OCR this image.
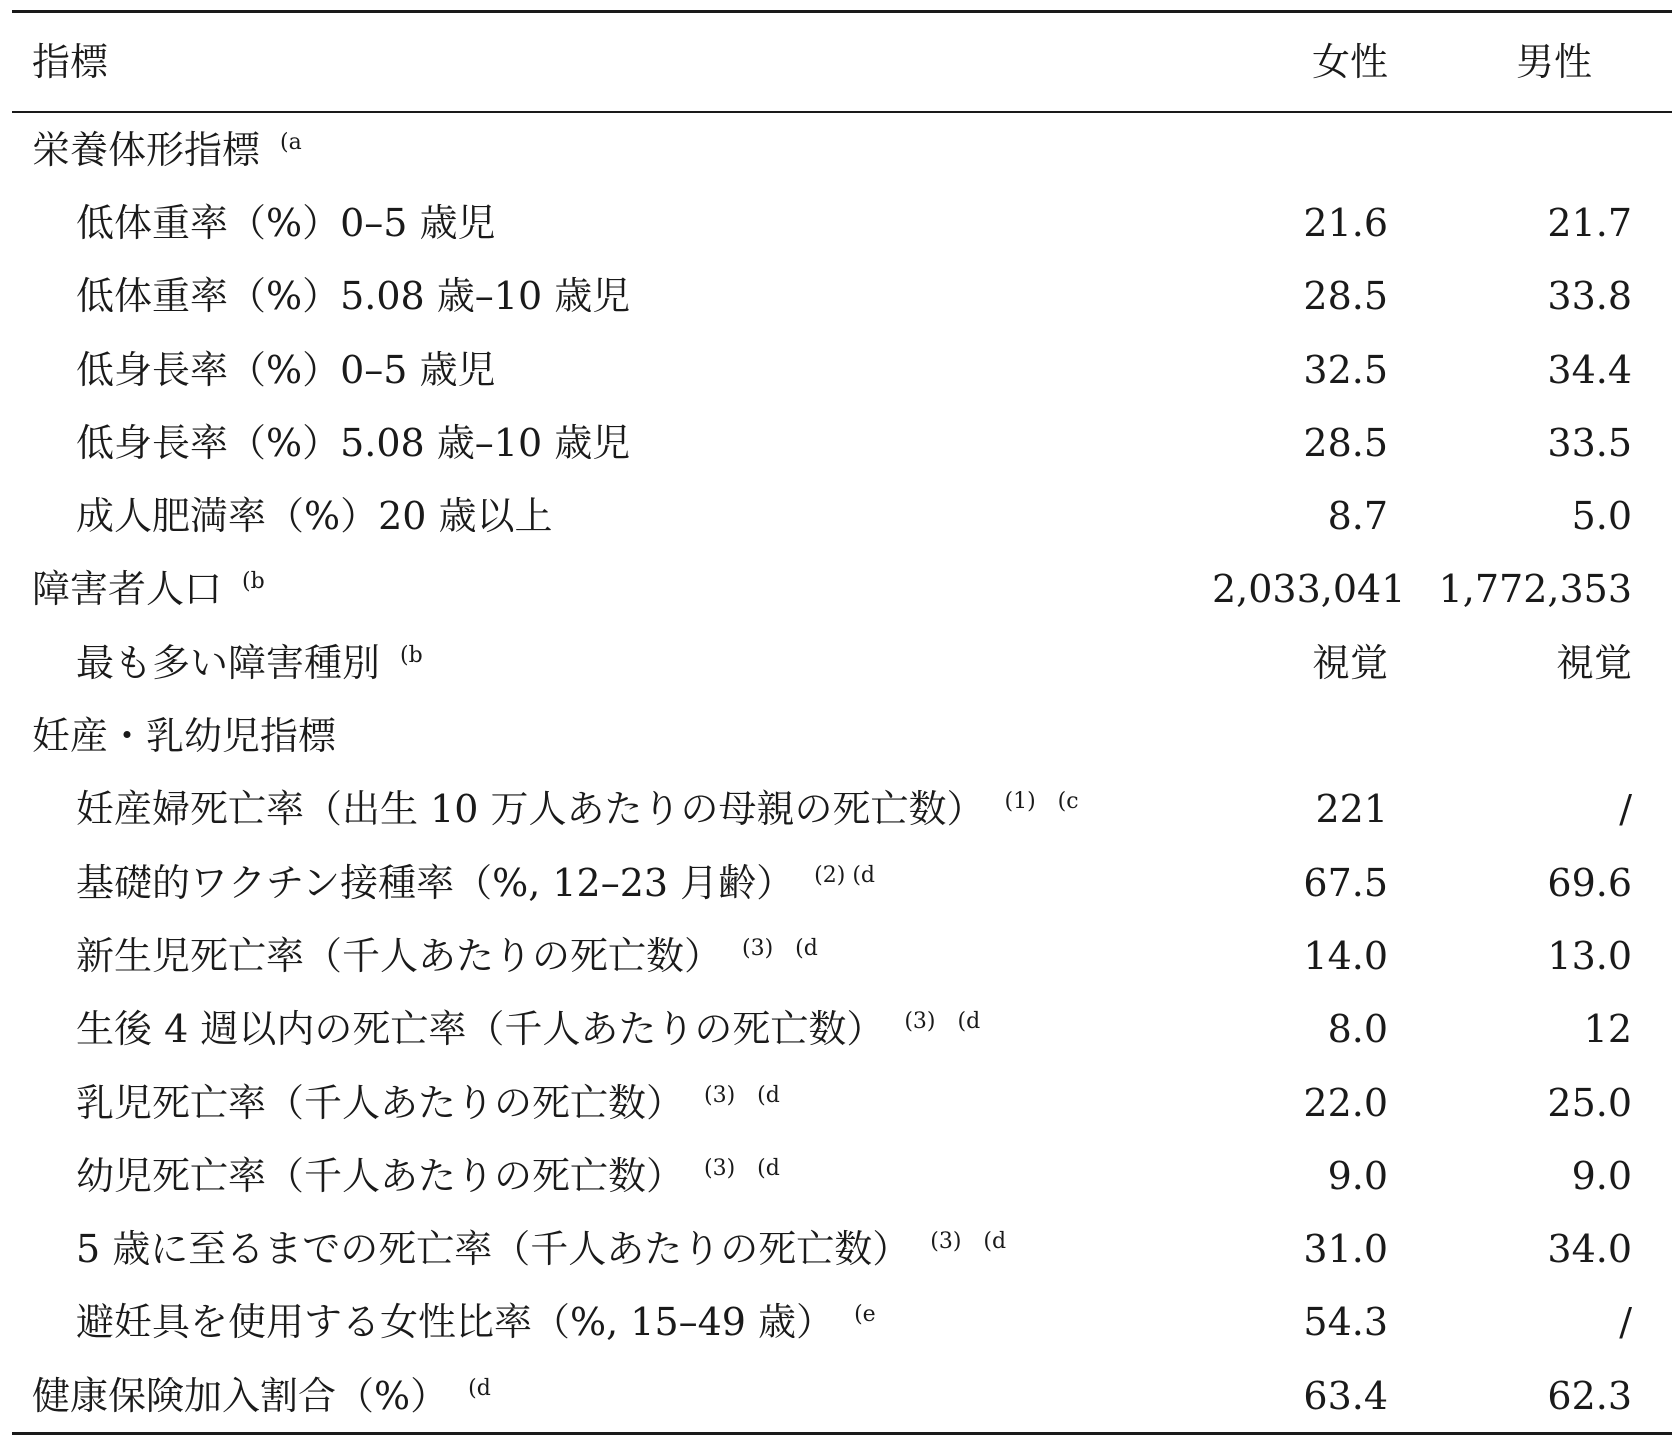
指標	女性	男性
栄養体形指標 $^{(a}$		
低体重率（%）0–5 歳児	21.6	21.7
低体重率（%）5.08 歳–10 歳児	28.5	33.8
低身長率（%）0–5 歳児	32.5	34.4
低身長率（%）5.08 歳–10 歳児	28.5	33.5
成人肥満率（%）20 歳以上	8.7	5.0
障害者人口 $^{(b}$	2,033,041	1,772,353
最も多い障害種別 $^{(b}$	視覚	視覚
妊産・乳幼児指標		
妊産婦死亡率（出生 10 万人あたりの母親の死亡数） $^{(1) (c}$	221	/
基礎的ワクチン接種率（%, 12–23 月齢） $^{(2) (d}$	67.5	69.6
新生児死亡率（千人あたりの死亡数） $^{(3) (d}$	14.0	13.0
生後 4 週以内の死亡率（千人あたりの死亡数） $^{(3) (d}$	8.0	12
乳児死亡率（千人あたりの死亡数） $^{(3) (d}$	22.0	25.0
幼児死亡率（千人あたりの死亡数） $^{(3) (d}$	9.0	9.0
5 歳に至るまでの死亡率（千人あたりの死亡数） $^{(3) (d}$	31.0	34.0
避妊具を使用する女性比率（%, 15–49 歳） $^{(e}$	54.3	/
健康保険加入割合（%） $^{(d}$	63.4	62.3
